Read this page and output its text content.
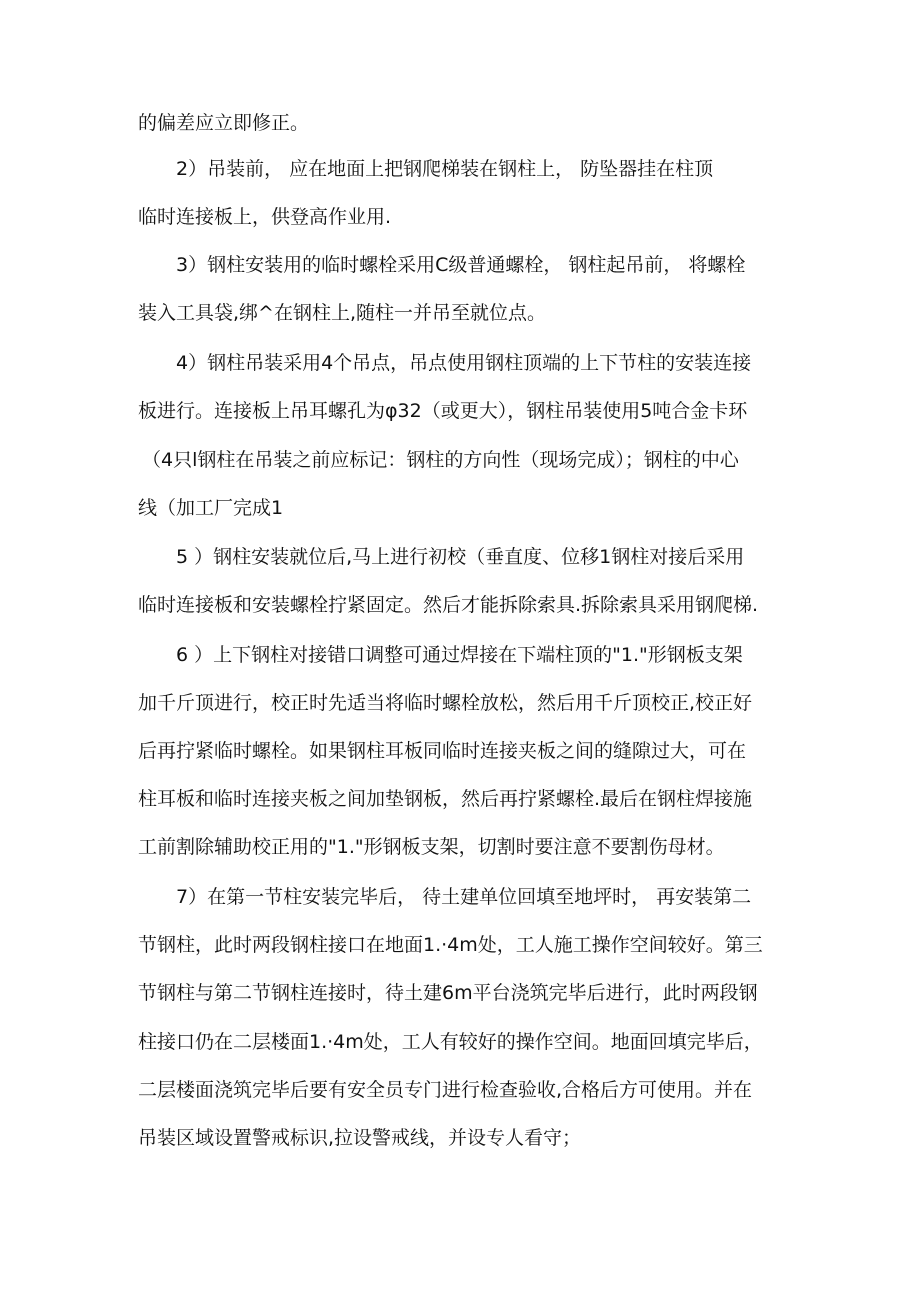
的偏差应立即修正。
2）吊装前， 应在地面上把钢爬梯装在钢柱上， 防坠器挂在柱顶
临时连接板上，供登高作业用.
3）钢柱安装用的临时螺栓采用C级普通螺栓， 钢柱起吊前， 将螺栓
装入工具袋,绑^在钢柱上,随柱一并吊至就位点。
4）钢柱吊装采用4个吊点，吊点使用钢柱顶端的上下节柱的安装连接
板进行。连接板上吊耳螺孔为φ32（或更大），钢柱吊装使用5吨合金卡环
（4只l钢柱在吊装之前应标记：钢柱的方向性（现场完成）；钢柱的中心
线（加工厂完成1
5 ）钢柱安装就位后,马上进行初校（垂直度、位移1钢柱对接后采用
临时连接板和安装螺栓拧紧固定。然后才能拆除索具.拆除索具采用钢爬梯.
6 ）上下钢柱对接错口调整可通过焊接在下端柱顶的"1."形钢板支架
加千斤顶进行，校正时先适当将临时螺栓放松，然后用千斤顶校正,校正好
后再拧紧临时螺栓。如果钢柱耳板同临时连接夹板之间的缝隙过大，可在
柱耳板和临时连接夹板之间加垫钢板，然后再拧紧螺栓.最后在钢柱焊接施
工前割除辅助校正用的"1."形钢板支架，切割时要注意不要割伤母材。
7）在第一节柱安装完毕后， 待土建单位回填至地坪时， 再安装第二
节钢柱，此时两段钢柱接口在地面1.·4m处，工人施工操作空间较好。第三
节钢柱与第二节钢柱连接时，待土建6m平台浇筑完毕后进行，此时两段钢
柱接口仍在二层楼面1.·4m处，工人有较好的操作空间。地面回填完毕后，
二层楼面浇筑完毕后要有安全员专门进行检查验收,合格后方可使用。并在
吊装区域设置警戒标识,拉设警戒线，并设专人看守；
